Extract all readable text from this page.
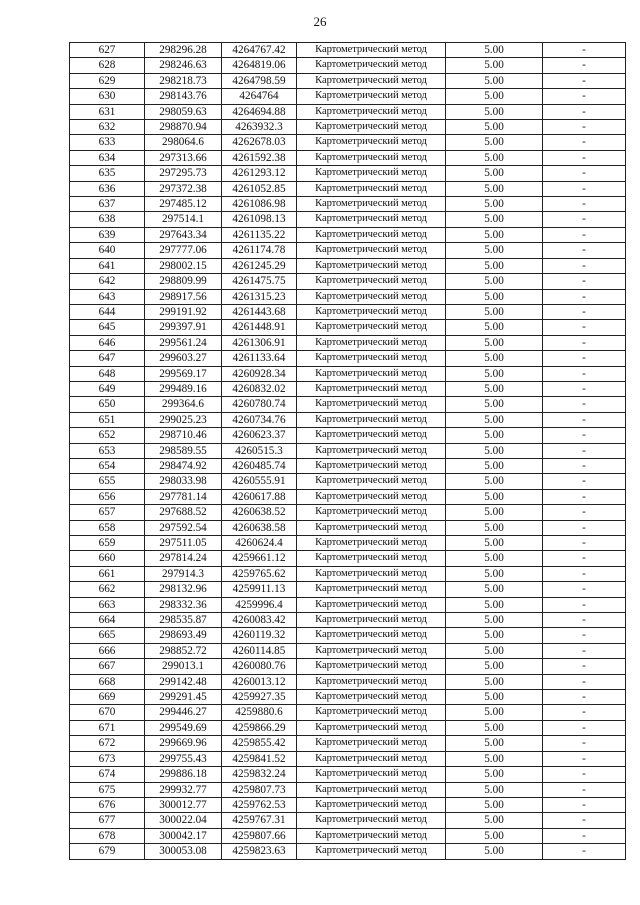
26
627	298296.28	4264767.42	Картометрический метод	5.00	-
628	298246.63	4264819.06	Картометрический метод	5.00	-
629	298218.73	4264798.59	Картометрический метод	5.00	-
630	298143.76	4264764	Картометрический метод	5.00	-
631	298059.63	4264694.88	Картометрический метод	5.00	-
632	298870.94	4263932.3	Картометрический метод	5.00	-
633	298064.6	4262678.03	Картометрический метод	5.00	-
634	297313.66	4261592.38	Картометрический метод	5.00	-
635	297295.73	4261293.12	Картометрический метод	5.00	-
636	297372.38	4261052.85	Картометрический метод	5.00	-
637	297485.12	4261086.98	Картометрический метод	5.00	-
638	297514.1	4261098.13	Картометрический метод	5.00	-
639	297643.34	4261135.22	Картометрический метод	5.00	-
640	297777.06	4261174.78	Картометрический метод	5.00	-
641	298002.15	4261245.29	Картометрический метод	5.00	-
642	298809.99	4261475.75	Картометрический метод	5.00	-
643	298917.56	4261315.23	Картометрический метод	5.00	-
644	299191.92	4261443.68	Картометрический метод	5.00	-
645	299397.91	4261448.91	Картометрический метод	5.00	-
646	299561.24	4261306.91	Картометрический метод	5.00	-
647	299603.27	4261133.64	Картометрический метод	5.00	-
648	299569.17	4260928.34	Картометрический метод	5.00	-
649	299489.16	4260832.02	Картометрический метод	5.00	-
650	299364.6	4260780.74	Картометрический метод	5.00	-
651	299025.23	4260734.76	Картометрический метод	5.00	-
652	298710.46	4260623.37	Картометрический метод	5.00	-
653	298589.55	4260515.3	Картометрический метод	5.00	-
654	298474.92	4260485.74	Картометрический метод	5.00	-
655	298033.98	4260555.91	Картометрический метод	5.00	-
656	297781.14	4260617.88	Картометрический метод	5.00	-
657	297688.52	4260638.52	Картометрический метод	5.00	-
658	297592.54	4260638.58	Картометрический метод	5.00	-
659	297511.05	4260624.4	Картометрический метод	5.00	-
660	297814.24	4259661.12	Картометрический метод	5.00	-
661	297914.3	4259765.62	Картометрический метод	5.00	-
662	298132.96	4259911.13	Картометрический метод	5.00	-
663	298332.36	4259996.4	Картометрический метод	5.00	-
664	298535.87	4260083.42	Картометрический метод	5.00	-
665	298693.49	4260119.32	Картометрический метод	5.00	-
666	298852.72	4260114.85	Картометрический метод	5.00	-
667	299013.1	4260080.76	Картометрический метод	5.00	-
668	299142.48	4260013.12	Картометрический метод	5.00	-
669	299291.45	4259927.35	Картометрический метод	5.00	-
670	299446.27	4259880.6	Картометрический метод	5.00	-
671	299549.69	4259866.29	Картометрический метод	5.00	-
672	299669.96	4259855.42	Картометрический метод	5.00	-
673	299755.43	4259841.52	Картометрический метод	5.00	-
674	299886.18	4259832.24	Картометрический метод	5.00	-
675	299932.77	4259807.73	Картометрический метод	5.00	-
676	300012.77	4259762.53	Картометрический метод	5.00	-
677	300022.04	4259767.31	Картометрический метод	5.00	-
678	300042.17	4259807.66	Картометрический метод	5.00	-
679	300053.08	4259823.63	Картометрический метод	5.00	-
